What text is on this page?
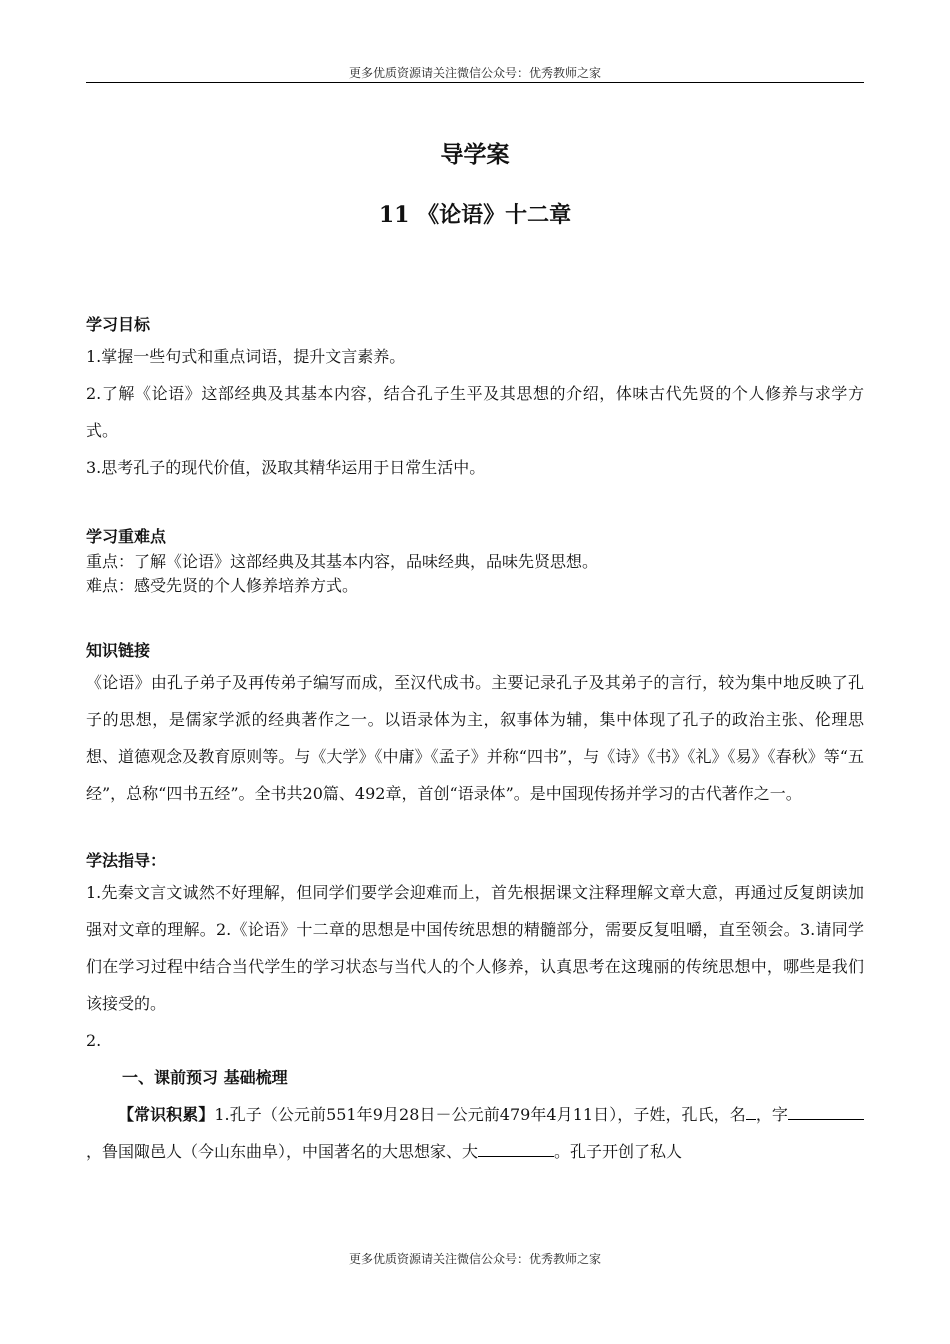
更多优质资源请关注微信公众号：优秀教师之家
导学案
11 《论语》十二章
学习目标

1.掌握一些句式和重点词语，提升文言素养。

2.了解《论语》这部经典及其基本内容，结合孔子生平及其思想的介绍，体味古代先贤的个人修养与求学方式。

3.思考孔子的现代价值，汲取其精华运用于日常生活中。

学习重难点

重点：了解《论语》这部经典及其基本内容，品味经典，品味先贤思想。

难点：感受先贤的个人修养培养方式。

知识链接

《论语》由孔子弟子及再传弟子编写而成，至汉代成书。主要记录孔子及其弟子的言行，较为集中地反映了孔子的思想，是儒家学派的经典著作之一。以语录体为主，叙事体为辅，集中体现了孔子的政治主张、伦理思想、道德观念及教育原则等。与《大学》《中庸》《孟子》并称“四书”，与《诗》《书》《礼》《易》《春秋》等“五经”，总称“四书五经”。全书共20篇、492章，首创“语录体”。是中国现传扬并学习的古代著作之一。

学法指导：

1.先秦文言文诚然不好理解，但同学们要学会迎难而上，首先根据课文注释理解文章大意，再通过反复朗读加强对文章的理解。2.《论语》十二章的思想是中国传统思想的精髓部分，需要反复咀嚼，直至领会。3.请同学们在学习过程中结合当代学生的学习状态与当代人的个人修养，认真思考在这瑰丽的传统思想中，哪些是我们该接受的。

2.

一、课前预习 基础梳理

【常识积累】1.孔子（公元前551年9月28日－公元前479年4月11日），子姓，孔氏，名 ，字，鲁国陬邑人（今山东曲阜），中国著名的大思想家、大	。孔子开创了私人

更多优质资源请关注微信公众号：优秀教师之家
